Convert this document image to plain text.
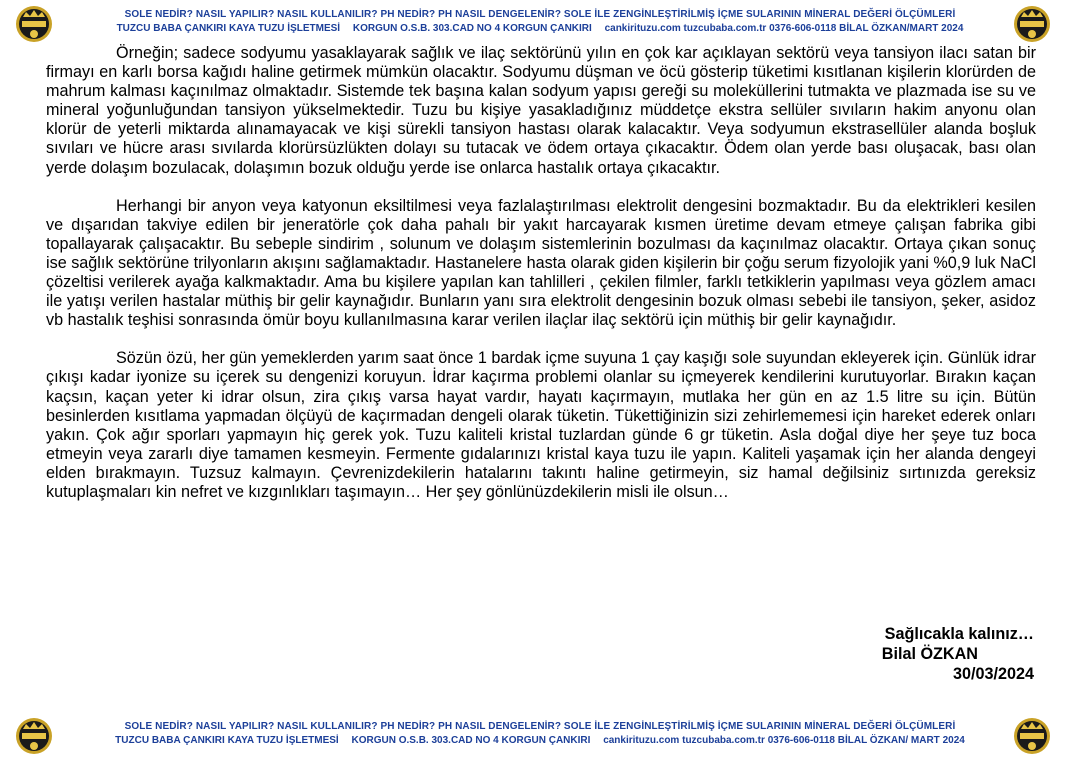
SOLE NEDİR? NASIL YAPILIR? NASIL KULLANILIR? PH NEDİR? PH NASIL DENGELENİR? SOLE İLE ZENGİNLEŞTİRİLMİŞ İÇME SULARININ MİNERAL DEĞERİ ÖLÇÜMLERİ
TUZCU BABA ÇANKIRI KAYA TUZU İŞLETMESİ KORGUN O.S.B. 303.CAD NO 4 KORGUN ÇANKIRI cankirituzu.com tuzcubaba.com.tr 0376-606-0118 BİLAL ÖZKAN/MART 2024

Örneğin; sadece sodyumu yasaklayarak sağlık ve ilaç sektörünü yılın en çok kar açıklayan sektörü veya tansiyon ilacı satan bir firmayı en karlı borsa kağıdı haline getirmek mümkün olacaktır. Sodyumu düşman ve öcü gösterip tüketimi kısıtlanan kişilerin klorürden de mahrum kalması kaçınılmaz olmaktadır. Sistemde tek başına kalan sodyum yapısı gereği su moleküllerini tutmakta ve plazmada ise su ve mineral yoğunluğundan tansiyon yükselmektedir. Tuzu bu kişiye yasakladığınız müddetçe ekstra sellüler sıvıların hakim anyonu olan klorür de yeterli miktarda alınamayacak ve kişi sürekli tansiyon hastası olarak kalacaktır. Veya sodyumun ekstrasellüler alanda boşluk sıvıları ve hücre arası sıvılarda klorürsüzlükten dolayı su tutacak ve ödem ortaya çıkacaktır. Ödem olan yerde bası oluşacak, bası olan yerde dolaşım bozulacak, dolaşımın bozuk olduğu yerde ise onlarca hastalık ortaya çıkacaktır.

Herhangi bir anyon veya katyonun eksiltilmesi veya fazlalaştırılması elektrolit dengesini bozmaktadır. Bu da elektrikleri kesilen ve dışarıdan takviye edilen bir jeneratörle çok daha pahalı bir yakıt harcayarak kısmen üretime devam etmeye çalışan fabrika gibi topallayarak çalışacaktır. Bu sebeple sindirim , solunum ve dolaşım sistemlerinin bozulması da kaçınılmaz olacaktır. Ortaya çıkan sonuç ise sağlık sektörüne trilyonların akışını sağlamaktadır. Hastanelere hasta olarak giden kişilerin bir çoğu serum fizyolojik yani %0,9 luk NaCl çözeltisi verilerek ayağa kalkmaktadır. Ama bu kişilere yapılan kan tahlilleri , çekilen filmler, farklı tetkiklerin yapılması veya gözlem amacı ile yatışı verilen hastalar müthiş bir gelir kaynağıdır. Bunların yanı sıra elektrolit dengesinin bozuk olması sebebi ile tansiyon, şeker, asidoz vb hastalık teşhisi sonrasında ömür boyu kullanılmasına karar verilen ilaçlar ilaç sektörü için müthiş bir gelir kaynağıdır.

Sözün özü, her gün yemeklerden yarım saat önce 1 bardak içme suyuna 1 çay kaşığı sole suyundan ekleyerek için. Günlük idrar çıkışı kadar iyonize su içerek su dengenizi koruyun. İdrar kaçırma problemi olanlar su içmeyerek kendilerini kurutuyorlar. Bırakın kaçan kaçsın, kaçan yeter ki idrar olsun, zira çıkış varsa hayat vardır, hayatı kaçırmayın, mutlaka her gün en az 1.5 litre su için. Bütün besinlerden kısıtlama yapmadan ölçüyü de kaçırmadan dengeli olarak tüketin. Tükettiğinizin sizi zehirlememesi için hareket ederek onları yakın. Çok ağır sporları yapmayın hiç gerek yok. Tuzu kaliteli kristal tuzlardan günde 6 gr tüketin. Asla doğal diye her şeye tuz boca etmeyin veya zararlı diye tamamen kesmeyin. Fermente gıdalarınızı kristal kaya tuzu ile yapın. Kaliteli yaşamak için her alanda dengeyi elden bırakmayın. Tuzsuz kalmayın. Çevrenizdekilerin hatalarını takıntı haline getirmeyin, siz hamal değilsiniz sırtınızda gereksiz kutuplaşmaları kin nefret ve kızgınlıkları taşımayın… Her şey gönlünüzdekilerin misli ile olsun…

Sağlıcakla kalınız…
Bilal ÖZKAN
30/03/2024
SOLE NEDİR? NASIL YAPILIR? NASIL KULLANILIR? PH NEDİR? PH NASIL DENGELENİR? SOLE İLE ZENGİNLEŞTİRİLMİŞ İÇME SULARININ MİNERAL DEĞERİ ÖLÇÜMLERİ
TUZCU BABA ÇANKIRI KAYA TUZU İŞLETMESİ KORGUN O.S.B. 303.CAD NO 4 KORGUN ÇANKIRI cankirituzu.com tuzcubaba.com.tr 0376-606-0118 BİLAL ÖZKAN/ MART 2024
